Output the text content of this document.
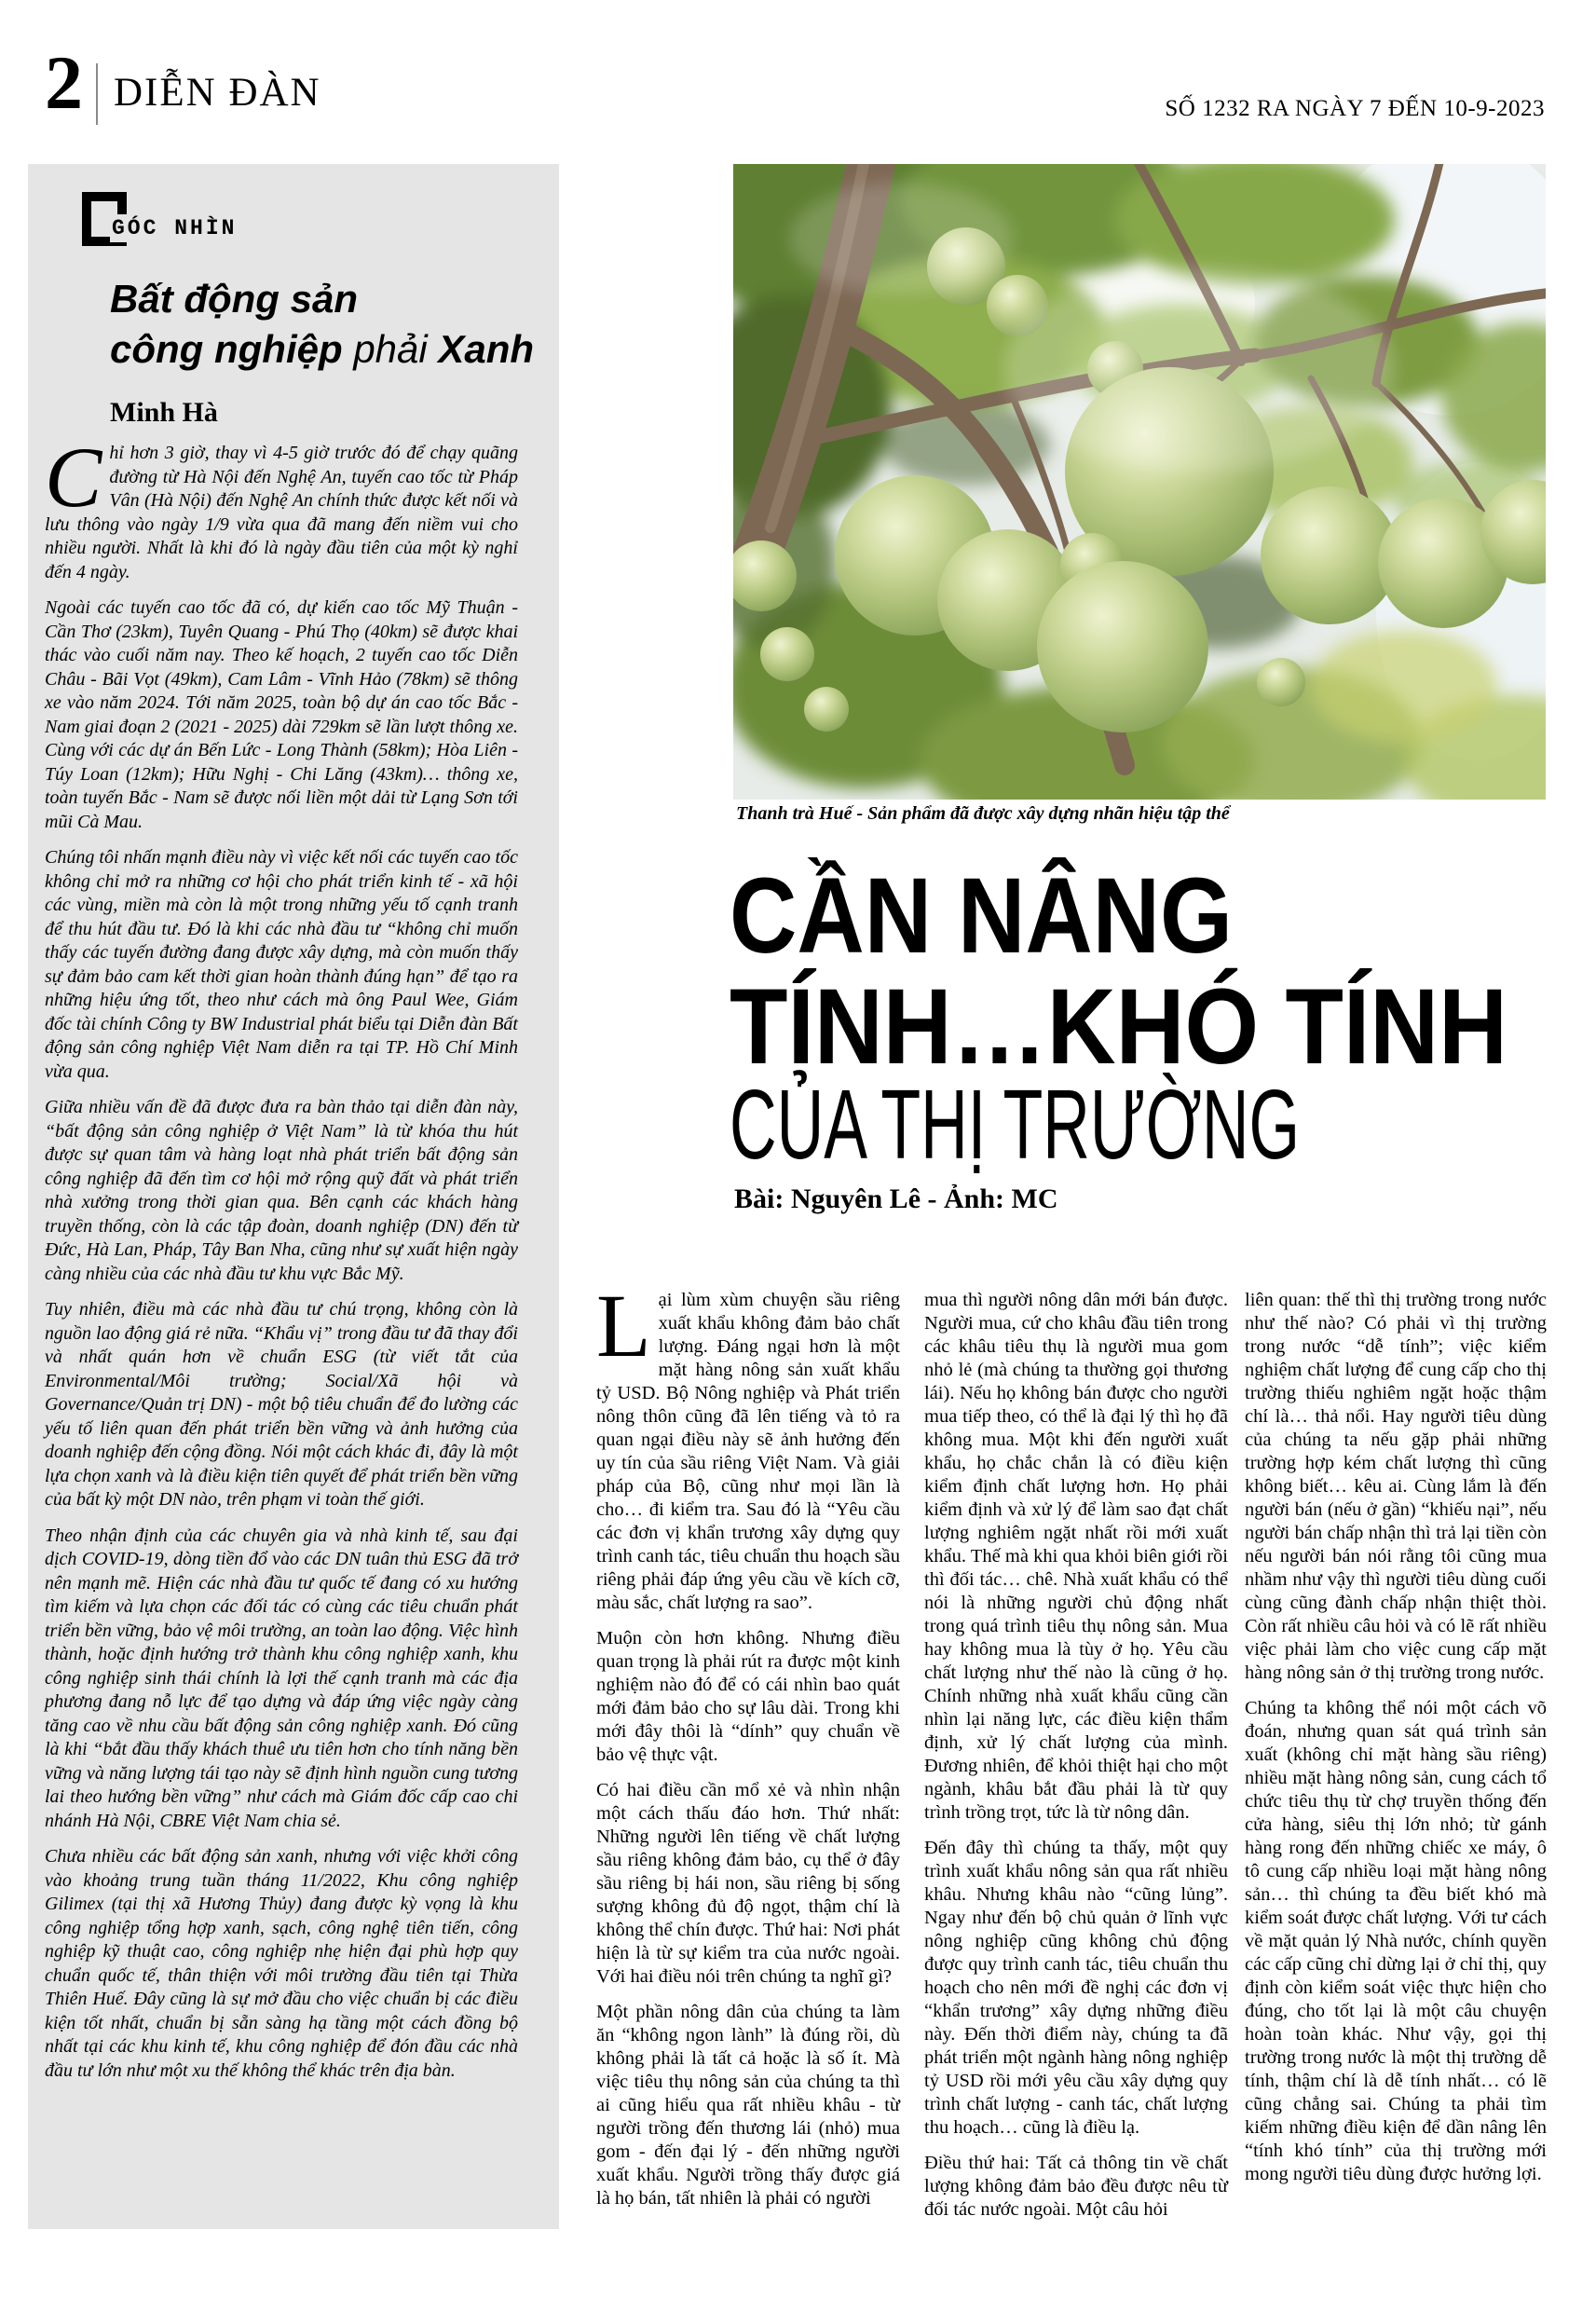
2 DIỄN ĐÀN	SỐ 1232 RA NGÀY 7 ĐẾN 10-9-2023
GÓC NHÌN
Bất động sản
công nghiệp phải Xanh
Minh Hà

Chỉ hơn 3 giờ, thay vì 4-5 giờ trước đó để chạy quãng đường từ Hà Nội đến Nghệ An, tuyến cao tốc từ Pháp Vân (Hà Nội) đến Nghệ An chính thức được kết nối và lưu thông vào ngày 1/9 vừa qua đã mang đến niềm vui cho nhiều người. Nhất là khi đó là ngày đầu tiên của một kỳ nghỉ đến 4 ngày.

Ngoài các tuyến cao tốc đã có, dự kiến cao tốc Mỹ Thuận - Cần Thơ (23km), Tuyên Quang - Phú Thọ (40km) sẽ được khai thác vào cuối năm nay. Theo kế hoạch, 2 tuyến cao tốc Diễn Châu - Bãi Vọt (49km), Cam Lâm - Vĩnh Hảo (78km) sẽ thông xe vào năm 2024. Tới năm 2025, toàn bộ dự án cao tốc Bắc - Nam giai đoạn 2 (2021 - 2025) dài 729km sẽ lần lượt thông xe. Cùng với các dự án Bến Lức - Long Thành (58km); Hòa Liên - Túy Loan (12km); Hữu Nghị - Chi Lăng (43km)… thông xe, toàn tuyến Bắc - Nam sẽ được nối liền một dải từ Lạng Sơn tới mũi Cà Mau.

Chúng tôi nhấn mạnh điều này vì việc kết nối các tuyến cao tốc không chỉ mở ra những cơ hội cho phát triển kinh tế - xã hội các vùng, miền mà còn là một trong những yếu tố cạnh tranh để thu hút đầu tư. Đó là khi các nhà đầu tư “không chỉ muốn thấy các tuyến đường đang được xây dựng, mà còn muốn thấy sự đảm bảo cam kết thời gian hoàn thành đúng hạn” để tạo ra những hiệu ứng tốt, theo như cách mà ông Paul Wee, Giám đốc tài chính Công ty BW Industrial phát biểu tại Diễn đàn Bất động sản công nghiệp Việt Nam diễn ra tại TP. Hồ Chí Minh vừa qua.

Giữa nhiều vấn đề đã được đưa ra bàn thảo tại diễn đàn này, “bất động sản công nghiệp ở Việt Nam” là từ khóa thu hút được sự quan tâm và hàng loạt nhà phát triển bất động sản công nghiệp đã đến tìm cơ hội mở rộng quỹ đất và phát triển nhà xưởng trong thời gian qua. Bên cạnh các khách hàng truyền thống, còn là các tập đoàn, doanh nghiệp (DN) đến từ Đức, Hà Lan, Pháp, Tây Ban Nha, cũng như sự xuất hiện ngày càng nhiều của các nhà đầu tư khu vực Bắc Mỹ.

Tuy nhiên, điều mà các nhà đầu tư chú trọng, không còn là nguồn lao động giá rẻ nữa. “Khẩu vị” trong đầu tư đã thay đổi và nhất quán hơn về chuẩn ESG (từ viết tắt của Environmental/Môi trường; Social/Xã hội và Governance/Quản trị DN) - một bộ tiêu chuẩn để đo lường các yếu tố liên quan đến phát triển bền vững và ảnh hưởng của doanh nghiệp đến cộng đồng. Nói một cách khác đi, đây là một lựa chọn xanh và là điều kiện tiên quyết để phát triển bền vững của bất kỳ một DN nào, trên phạm vi toàn thế giới.

Theo nhận định của các chuyên gia và nhà kinh tế, sau đại dịch COVID-19, dòng tiền đổ vào các DN tuân thủ ESG đã trở nên mạnh mẽ. Hiện các nhà đầu tư quốc tế đang có xu hướng tìm kiếm và lựa chọn các đối tác có cùng các tiêu chuẩn phát triển bền vững, bảo vệ môi trường, an toàn lao động. Việc hình thành, hoặc định hướng trở thành khu công nghiệp xanh, khu công nghiệp sinh thái chính là lợi thế cạnh tranh mà các địa phương đang nỗ lực để tạo dựng và đáp ứng việc ngày càng tăng cao về nhu cầu bất động sản công nghiệp xanh. Đó cũng là khi “bắt đầu thấy khách thuê ưu tiên hơn cho tính năng bền vững và năng lượng tái tạo này sẽ định hình nguồn cung tương lai theo hướng bền vững” như cách mà Giám đốc cấp cao chi nhánh Hà Nội, CBRE Việt Nam chia sẻ.

Chưa nhiều các bất động sản xanh, nhưng với việc khởi công vào khoảng trung tuần tháng 11/2022, Khu công nghiệp Gilimex (tại thị xã Hương Thủy) đang được kỳ vọng là khu công nghiệp tổng hợp xanh, sạch, công nghệ tiên tiến, công nghiệp kỹ thuật cao, công nghiệp nhẹ hiện đại phù hợp quy chuẩn quốc tế, thân thiện với môi trường đầu tiên tại Thừa Thiên Huế. Đây cũng là sự mở đầu cho việc chuẩn bị các điều kiện tốt nhất, chuẩn bị sẵn sàng hạ tầng một cách đồng bộ nhất tại các khu kinh tế, khu công nghiệp để đón đầu các nhà đầu tư lớn như một xu thế không thể khác trên địa bàn.

Thanh trà Huế - Sản phẩm đã được xây dựng nhãn hiệu tập thể
CẦN NÂNG
TÍNH…KHÓ TÍNH
CỦA THỊ TRƯỜNG
Bài: Nguyên Lê - Ảnh: MC

Lại lùm xùm chuyện sầu riêng xuất khẩu không đảm bảo chất lượng. Đáng ngại hơn là một mặt hàng nông sản xuất khẩu tỷ USD. Bộ Nông nghiệp và Phát triển nông thôn cũng đã lên tiếng và tỏ ra quan ngại điều này sẽ ảnh hưởng đến uy tín của sầu riêng Việt Nam. Và giải pháp của Bộ, cũng như mọi lần là cho… đi kiểm tra. Sau đó là “Yêu cầu các đơn vị khẩn trương xây dựng quy trình canh tác, tiêu chuẩn thu hoạch sầu riêng phải đáp ứng yêu cầu về kích cỡ, màu sắc, chất lượng ra sao”.

Muộn còn hơn không. Nhưng điều quan trọng là phải rút ra được một kinh nghiệm nào đó để có cái nhìn bao quát mới đảm bảo cho sự lâu dài. Trong khi mới đây thôi là “dính” quy chuẩn về bảo vệ thực vật.

Có hai điều cần mổ xẻ và nhìn nhận một cách thấu đáo hơn. Thứ nhất: Những người lên tiếng về chất lượng sầu riêng không đảm bảo, cụ thể ở đây sầu riêng bị hái non, sầu riêng bị sống sượng không đủ độ ngọt, thậm chí là không thể chín được. Thứ hai: Nơi phát hiện là từ sự kiểm tra của nước ngoài. Với hai điều nói trên chúng ta nghĩ gì?

Một phần nông dân của chúng ta làm ăn “không ngon lành” là đúng rồi, dù không phải là tất cả hoặc là số ít. Mà việc tiêu thụ nông sản của chúng ta thì ai cũng hiểu qua rất nhiều khâu - từ người trồng đến thương lái (nhỏ) mua gom - đến đại lý - đến những người xuất khẩu. Người trồng thấy được giá là họ bán, tất nhiên là phải có người

mua thì người nông dân mới bán được. Người mua, cứ cho khâu đầu tiên trong các khâu tiêu thụ là người mua gom nhỏ lẻ (mà chúng ta thường gọi thương lái). Nếu họ không bán được cho người mua tiếp theo, có thể là đại lý thì họ đã không mua. Một khi đến người xuất khẩu, họ chắc chắn là có điều kiện kiểm định chất lượng hơn. Họ phải kiểm định và xử lý để làm sao đạt chất lượng nghiêm ngặt nhất rồi mới xuất khẩu. Thế mà khi qua khỏi biên giới rồi thì đối tác… chê. Nhà xuất khẩu có thể nói là những người chủ động nhất trong quá trình tiêu thụ nông sản. Mua hay không mua là tùy ở họ. Yêu cầu chất lượng như thế nào là cũng ở họ. Chính những nhà xuất khẩu cũng cần nhìn lại năng lực, các điều kiện thẩm định, xử lý chất lượng của mình. Đương nhiên, để khỏi thiệt hại cho một ngành, khâu bắt đầu phải là từ quy trình trồng trọt, tức là từ nông dân.

Đến đây thì chúng ta thấy, một quy trình xuất khẩu nông sản qua rất nhiều khâu. Nhưng khâu nào “cũng lủng”. Ngay như đến bộ chủ quản ở lĩnh vực nông nghiệp cũng không chủ động được quy trình canh tác, tiêu chuẩn thu hoạch cho nên mới đề nghị các đơn vị “khẩn trương” xây dựng những điều này. Đến thời điểm này, chúng ta đã phát triển một ngành hàng nông nghiệp tỷ USD rồi mới yêu cầu xây dựng quy trình chất lượng - canh tác, chất lượng thu hoạch… cũng là điều lạ.

Điều thứ hai: Tất cả thông tin về chất lượng không đảm bảo đều được nêu từ đối tác nước ngoài. Một câu hỏi

liên quan: thế thì thị trường trong nước như thế nào? Có phải vì thị trường trong nước “dễ tính”; việc kiểm nghiệm chất lượng để cung cấp cho thị trường thiếu nghiêm ngặt hoặc thậm chí là… thả nổi. Hay người tiêu dùng của chúng ta nếu gặp phải những trường hợp kém chất lượng thì cũng không biết… kêu ai. Cùng lắm là đến người bán (nếu ở gần) “khiếu nại”, nếu người bán chấp nhận thì trả lại tiền còn nếu người bán nói rằng tôi cũng mua nhầm như vậy thì người tiêu dùng cuối cùng cũng đành chấp nhận thiệt thòi. Còn rất nhiều câu hỏi và có lẽ rất nhiều việc phải làm cho việc cung cấp mặt hàng nông sản ở thị trường trong nước.

Chúng ta không thể nói một cách võ đoán, nhưng quan sát quá trình sản xuất (không chỉ mặt hàng sầu riêng) nhiều mặt hàng nông sản, cung cách tổ chức tiêu thụ từ chợ truyền thống đến cửa hàng, siêu thị lớn nhỏ; từ gánh hàng rong đến những chiếc xe máy, ô tô cung cấp nhiều loại mặt hàng nông sản… thì chúng ta đều biết khó mà kiểm soát được chất lượng. Với tư cách về mặt quản lý Nhà nước, chính quyền các cấp cũng chỉ dừng lại ở chỉ thị, quy định còn kiểm soát việc thực hiện cho đúng, cho tốt lại là một câu chuyện hoàn toàn khác. Như vậy, gọi thị trường trong nước là một thị trường dễ tính, thậm chí là dễ tính nhất… có lẽ cũng chẳng sai. Chúng ta phải tìm kiếm những điều kiện để dần nâng lên “tính khó tính” của thị trường mới mong người tiêu dùng được hưởng lợi.
